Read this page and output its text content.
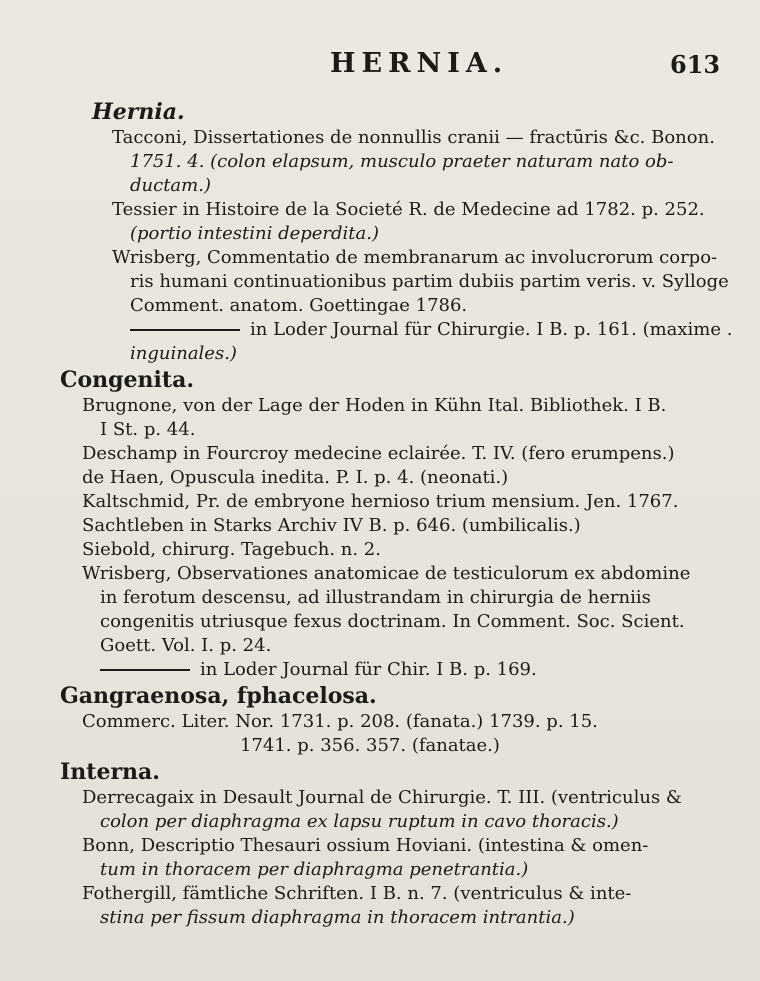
HERNIA.	613
Hernia.
Tacconi, Dissertationes de nonnullis cranii — fractūris &c. Bonon.
1751. 4. (colon elapsum, musculo praeter naturam nato ob-
ductam.)
Tessier in Histoire de la Societé R. de Medecine ad 1782. p. 252.
(portio intestini deperdita.)
Wrisberg, Commentatio de membranarum ac involucrorum corpo-
ris humani continuationibus partim dubiis partim veris. v. Sylloge
Comment. anatom. Goettingae 1786.
in Loder Journal für Chirurgie. I B. p. 161. (maxime .
inguinales.)
Congenita.
Brugnone, von der Lage der Hoden in Kühn Ital. Bibliothek. I B.
I St. p. 44.
Deschamp in Fourcroy medecine eclairée. T. IV. (fero erumpens.)
de Haen, Opuscula inedita. P. I. p. 4. (neonati.)
Kaltschmid, Pr. de embryone hernioso trium mensium. Jen. 1767.
Sachtleben in Starks Archiv IV B. p. 646. (umbilicalis.)
Siebold, chirurg. Tagebuch. n. 2.
Wrisberg, Observationes anatomicae de testiculorum ex abdomine
in ferotum descensu, ad illustrandam in chirurgia de herniis
congenitis utriusque fexus doctrinam. In Comment. Soc. Scient.
Goett. Vol. I. p. 24.
in Loder Journal für Chir. I B. p. 169.
Gangraenosa, fphacelosa.
Commerc. Liter. Nor. 1731. p. 208. (fanata.) 1739. p. 15.
1741. p. 356. 357. (fanatae.)
Interna.
Derrecagaix in Desault Journal de Chirurgie. T. III. (ventriculus &
colon per diaphragma ex lapsu ruptum in cavo thoracis.)
Bonn, Descriptio Thesauri ossium Hoviani. (intestina & omen-
tum in thoracem per diaphragma penetrantia.)
Fothergill, fämtliche Schriften. I B. n. 7. (ventriculus & inte-
stina per fissum diaphragma in thoracem intrantia.)
